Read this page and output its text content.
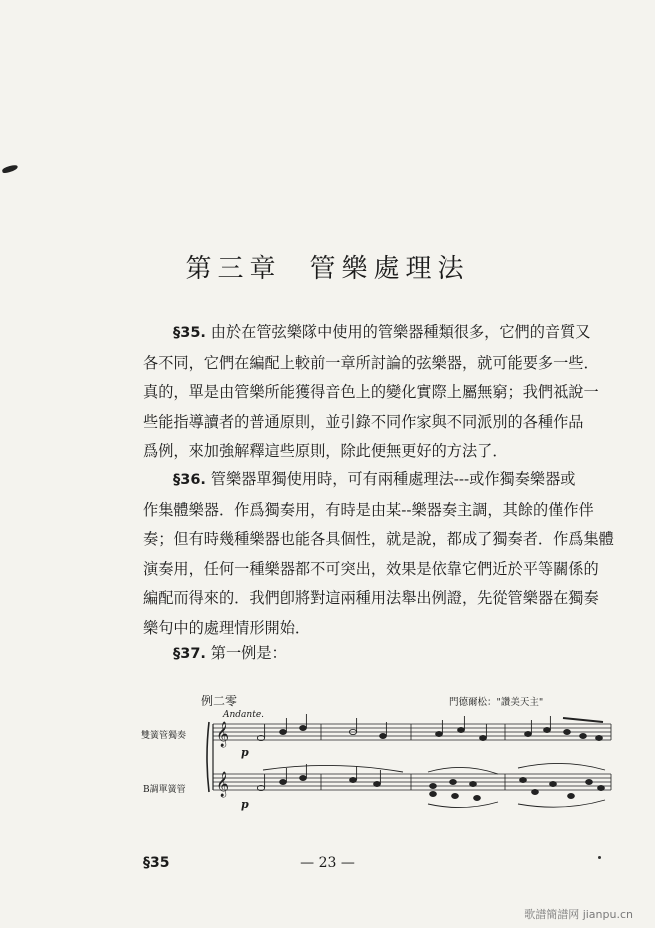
第三章 管樂處理法

§35. 由於在管弦樂隊中使用的管樂器種類很多，它們的音質又

各不同，它們在編配上較前一章所討論的弦樂器，就可能要多一些．

真的，單是由管樂所能獲得音色上的變化實際上屬無窮；我們祗說一

些能指導讀者的普通原則，並引錄不同作家與不同派別的各種作品

爲例，來加強解釋這些原則，除此便無更好的方法了．

§36. 管樂器單獨使用時，可有兩種處理法---或作獨奏樂器或

作集體樂器．作爲獨奏用，有時是由某--樂器奏主調，其餘的僅作伴

奏；但有時幾種樂器也能各具個性，就是說，都成了獨奏者．作爲集體

演奏用，任何一種樂器都不可突出，效果是依靠它們近於平等關係的

編配而得來的．我們卽將對這兩種用法舉出例證，先從管樂器在獨奏

樂句中的處理情形開始．

§37. 第一例是：

𝄞
𝄞
例二零	門德爾松："讚美天主"
Andante.
雙簧管獨奏
B調單簧管
p
p
§35	— 23 —
歌譜簡譜网 jianpu.cn
